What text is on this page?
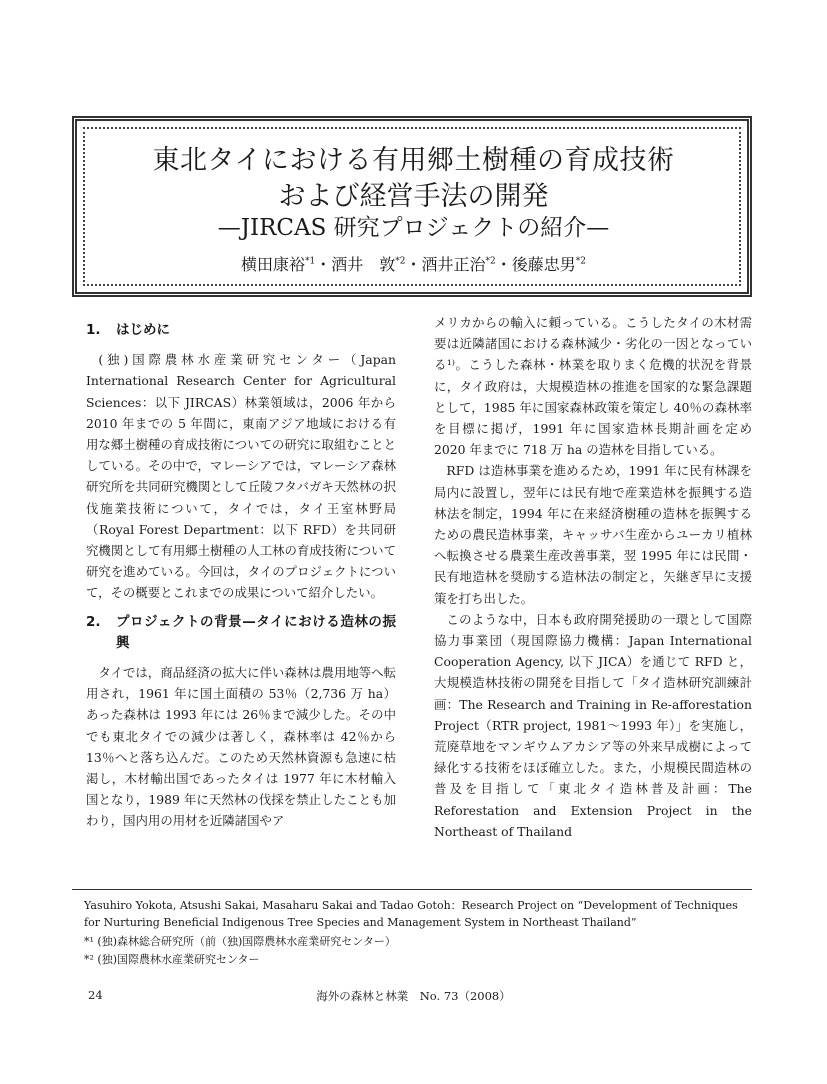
東北タイにおける有用郷土樹種の育成技術
および経営手法の開発
—JIRCAS 研究プロジェクトの紹介—
横田康裕$^{*1}$・酒井　敦$^{*2}$・酒井正治$^{*2}$・後藤忠男$^{*2}$
1.	はじめに

(独)国際農林水産業研究センター（Japan International Research Center for Agricultural Sciences：以下 JIRCAS）林業領域は，2006 年から 2010 年までの 5 年間に，東南アジア地域における有用な郷土樹種の育成技術についての研究に取組むこととしている。その中で，マレーシアでは，マレーシア森林研究所を共同研究機関として丘陵フタバガキ天然林の択伐施業技術について，タイでは，タイ王室林野局（Royal Forest Department：以下 RFD）を共同研究機関として有用郷土樹種の人工林の育成技術について研究を進めている。今回は，タイのプロジェクトについて，その概要とこれまでの成果について紹介したい。

2.	プロジェクトの背景—タイにおける造林の振興

タイでは，商品経済の拡大に伴い森林は農用地等へ転用され，1961 年に国土面積の 53％（2,736 万 ha）あった森林は 1993 年には 26％まで減少した。その中でも東北タイでの減少は著しく，森林率は 42％から 13％へと落ち込んだ。このため天然林資源も急速に枯渇し，木材輸出国であったタイは 1977 年に木材輸入国となり，1989 年に天然林の伐採を禁止したことも加わり，国内用の用材を近隣諸国やア

メリカからの輸入に頼っている。こうしたタイの木材需要は近隣諸国における森林減少・劣化の一因となっている¹⁾。こうした森林・林業を取りまく危機的状況を背景に，タイ政府は，大規模造林の推進を国家的な緊急課題として，1985 年に国家森林政策を策定し 40％の森林率を目標に掲げ，1991 年に国家造林長期計画を定め 2020 年までに 718 万 ha の造林を目指している。

RFD は造林事業を進めるため，1991 年に民有林課を局内に設置し，翌年には民有地で産業造林を振興する造林法を制定，1994 年に在来経済樹種の造林を振興するための農民造林事業，キャッサバ生産からユーカリ植林へ転換させる農業生産改善事業，翌 1995 年には民間・民有地造林を奨励する造林法の制定と，矢継ぎ早に支援策を打ち出した。

このような中，日本も政府開発援助の一環として国際協力事業団（現国際協力機構：Japan International Cooperation Agency, 以下 JICA）を通じて RFD と，大規模造林技術の開発を目指して「タイ造林研究訓練計画：The Research and Training in Re-afforestation Project（RTR project, 1981〜1993 年）」を実施し，荒廃草地をマンギウムアカシア等の外来早成樹によって緑化する技術をほぼ確立した。また，小規模民間造林の普及を目指して「東北タイ造林普及計画：The Reforestation and Extension Project in the Northeast of Thailand

Yasuhiro Yokota, Atsushi Sakai, Masaharu Sakai and Tadao Gotoh：Research Project on “Development of Techniques for Nurturing Beneficial Indigenous Tree Species and Management System in Northeast Thailand”
*¹ (独)森林総合研究所（前（独)国際農林水産業研究センター）
*² (独)国際農林水産業研究センター
24	海外の森林と林業　No. 73（2008）
